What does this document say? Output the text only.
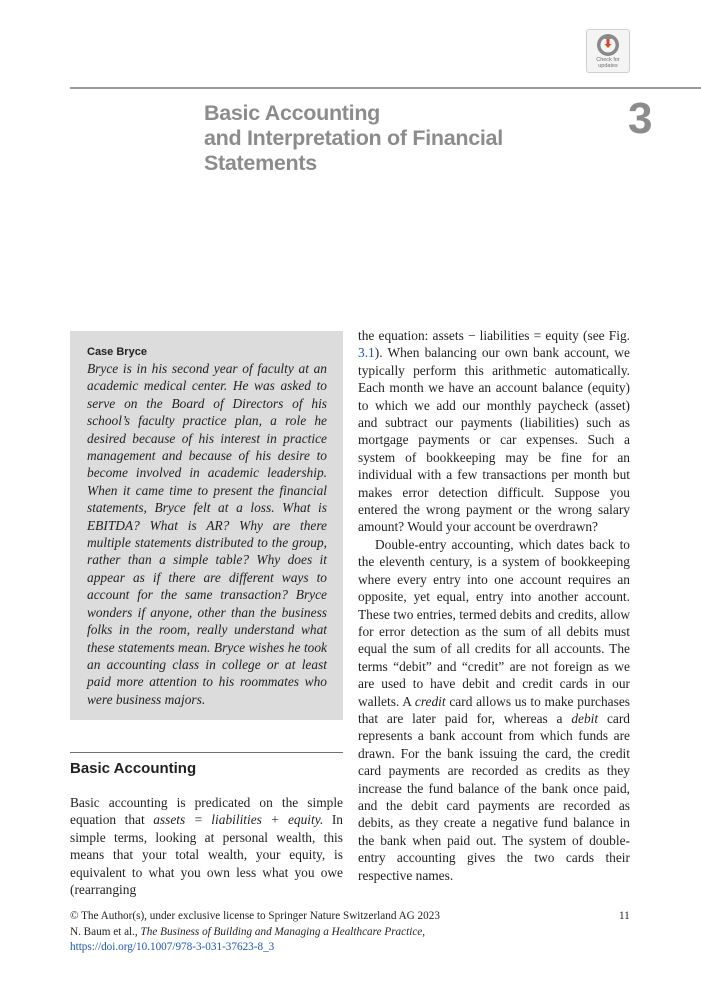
Check for
updates
Basic Accounting
and Interpretation of Financial
Statements
3
Case Bryce
Bryce is in his second year of faculty at an academic medical center. He was asked to serve on the Board of Directors of his school’s faculty practice plan, a role he desired because of his interest in practice management and because of his desire to become involved in academic leadership. When it came time to present the financial statements, Bryce felt at a loss. What is EBITDA? What is AR? Why are there multiple statements distributed to the group, rather than a simple table? Why does it appear as if there are different ways to account for the same transaction? Bryce wonders if anyone, other than the business folks in the room, really understand what these statements mean. Bryce wishes he took an accounting class in college or at least paid more attention to his roommates who were business majors.
Basic Accounting
Basic accounting is predicated on the simple equation that assets = liabilities + equity. In simple terms, looking at personal wealth, this means that your total wealth, your equity, is equivalent to what you own less what you owe (rearranging

the equation: assets − liabilities = equity (see Fig. 3.1). When balancing our own bank account, we typically perform this arithmetic automatically. Each month we have an account balance (equity) to which we add our monthly paycheck (asset) and subtract our payments (liabilities) such as mortgage payments or car expenses. Such a system of bookkeeping may be fine for an individual with a few transactions per month but makes error detection difficult. Suppose you entered the wrong payment or the wrong salary amount? Would your account be overdrawn?

Double-entry accounting, which dates back to the eleventh century, is a system of bookkeeping where every entry into one account requires an opposite, yet equal, entry into another account. These two entries, termed debits and credits, allow for error detection as the sum of all debits must equal the sum of all credits for all accounts. The terms “debit” and “credit” are not foreign as we are used to have debit and credit cards in our wallets. A credit card allows us to make purchases that are later paid for, whereas a debit card represents a bank account from which funds are drawn. For the bank issuing the card, the credit card payments are recorded as credits as they increase the fund balance of the bank once paid, and the debit card payments are recorded as debits, as they create a negative fund balance in the bank when paid out. The system of double-entry accounting gives the two cards their respective names.

© The Author(s), under exclusive license to Springer Nature Switzerland AG 2023
N. Baum et al., The Business of Building and Managing a Healthcare Practice,
https://doi.org/10.1007/978-3-031-37623-8_3
11
